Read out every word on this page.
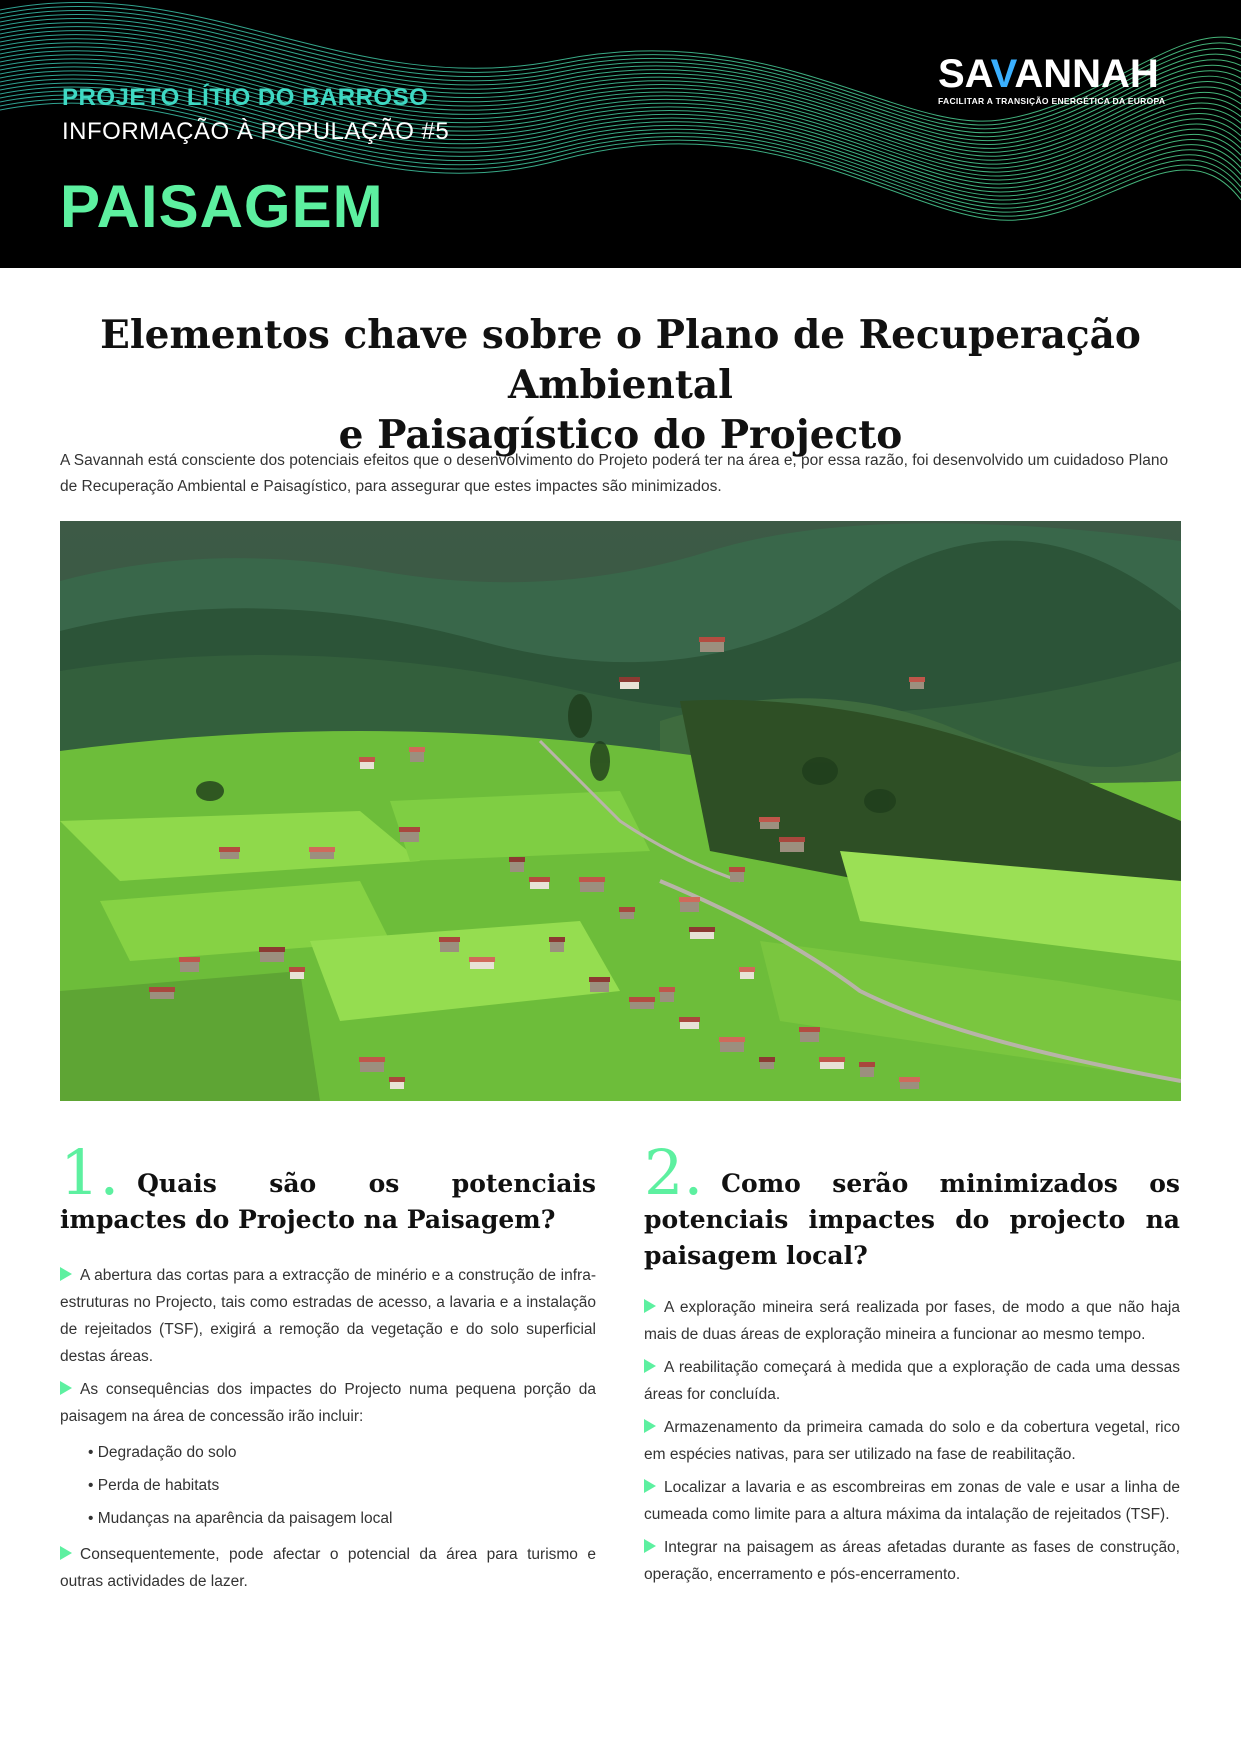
PROJETO LÍTIO DO BARROSO
INFORMAÇÃO À POPULAÇÃO #5
PAISAGEM
SAVANNAH
FACILITAR A TRANSIÇÃO ENERGÉTICA DA EUROPA
Elementos chave sobre o Plano de Recuperação Ambiental
e Paisagístico do Projecto
A Savannah está consciente dos potenciais efeitos que o desenvolvimento do Projeto poderá ter na área e, por essa razão, foi desenvolvido um cuidadoso Plano de Recuperação Ambiental e Paisagístico, para assegurar que estes impactes são minimizados.
1. Quais são os potenciais impactes do Projecto na Paisagem?

A abertura das cortas para a extracção de minério e a construção de infra-estruturas no Projecto, tais como estradas de acesso, a lavaria e a instalação de rejeitados (TSF), exigirá a remoção da vegetação e do solo superficial destas áreas.

As consequências dos impactes do Projecto numa pequena porção da paisagem na área de concessão irão incluir:

• Degradação do solo
• Perda de habitats
• Mudanças na aparência da paisagem local

Consequentemente, pode afectar o potencial da área para turismo e outras actividades de lazer.

2. Como serão minimizados os potenciais impactes do projecto na paisagem local?

A exploração mineira será realizada por fases, de modo a que não haja mais de duas áreas de exploração mineira a funcionar ao mesmo tempo.

A reabilitação começará à medida que a exploração de cada uma dessas áreas for concluída.

Armazenamento da primeira camada do solo e da cobertura vegetal, rico em espécies nativas, para ser utilizado na fase de reabilitação.

Localizar a lavaria e as escombreiras em zonas de vale e usar a linha de cumeada como limite para a altura máxima da intalação de rejeitados (TSF).

Integrar na paisagem as áreas afetadas durante as fases de construção, operação, encerramento e pós-encerramento.
